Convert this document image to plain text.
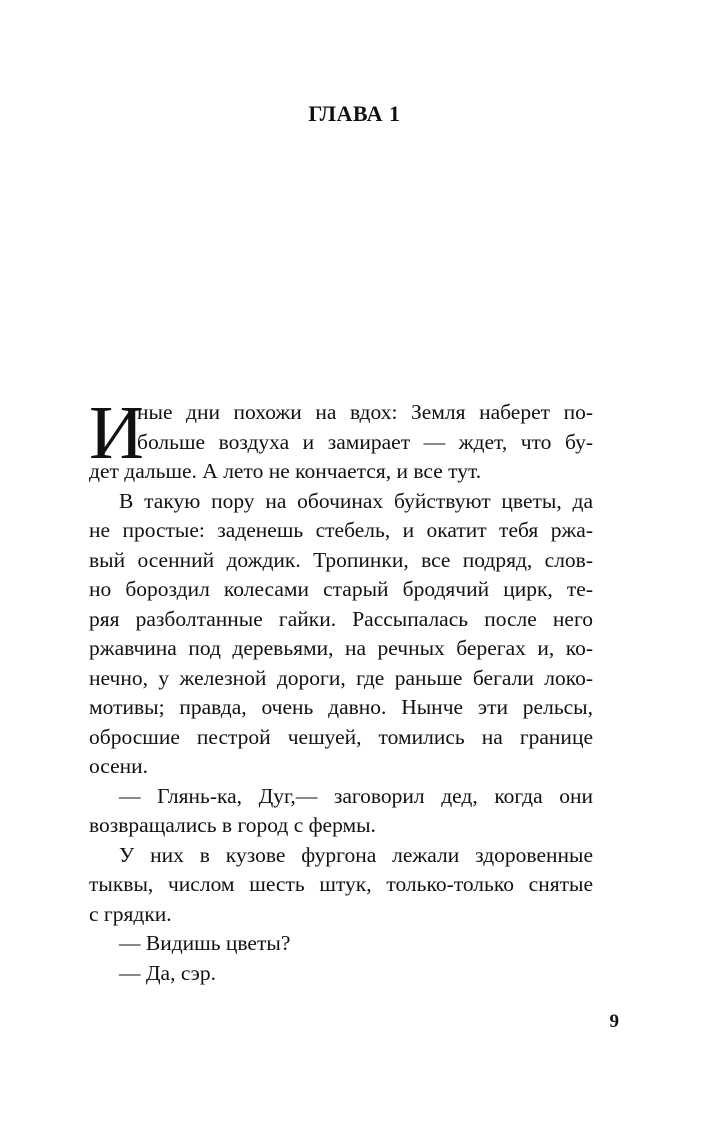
ГЛАВА 1
И
ные дни похожи на вдох: Земля наберет по-
больше воздуха и замирает — ждет, что бу-
дет дальше. А лето не кончается, и все тут.
В такую пору на обочинах буйствуют цветы, да
не простые: заденешь стебель, и окатит тебя ржа-
вый осенний дождик. Тропинки, все подряд, слов-
но бороздил колесами старый бродячий цирк, те-
ряя разболтанные гайки. Рассыпалась после него
ржавчина под деревьями, на речных берегах и, ко-
нечно, у железной дороги, где раньше бегали локо-
мотивы; правда, очень давно. Нынче эти рельсы,
обросшие пестрой чешуей, томились на границе
осени.
— Глянь-ка, Дуг,— заговорил дед, когда они
возвращались в город с фермы.
У них в кузове фургона лежали здоровенные
тыквы, числом шесть штук, только-только снятые
с грядки.
— Видишь цветы?
— Да, сэр.
9
